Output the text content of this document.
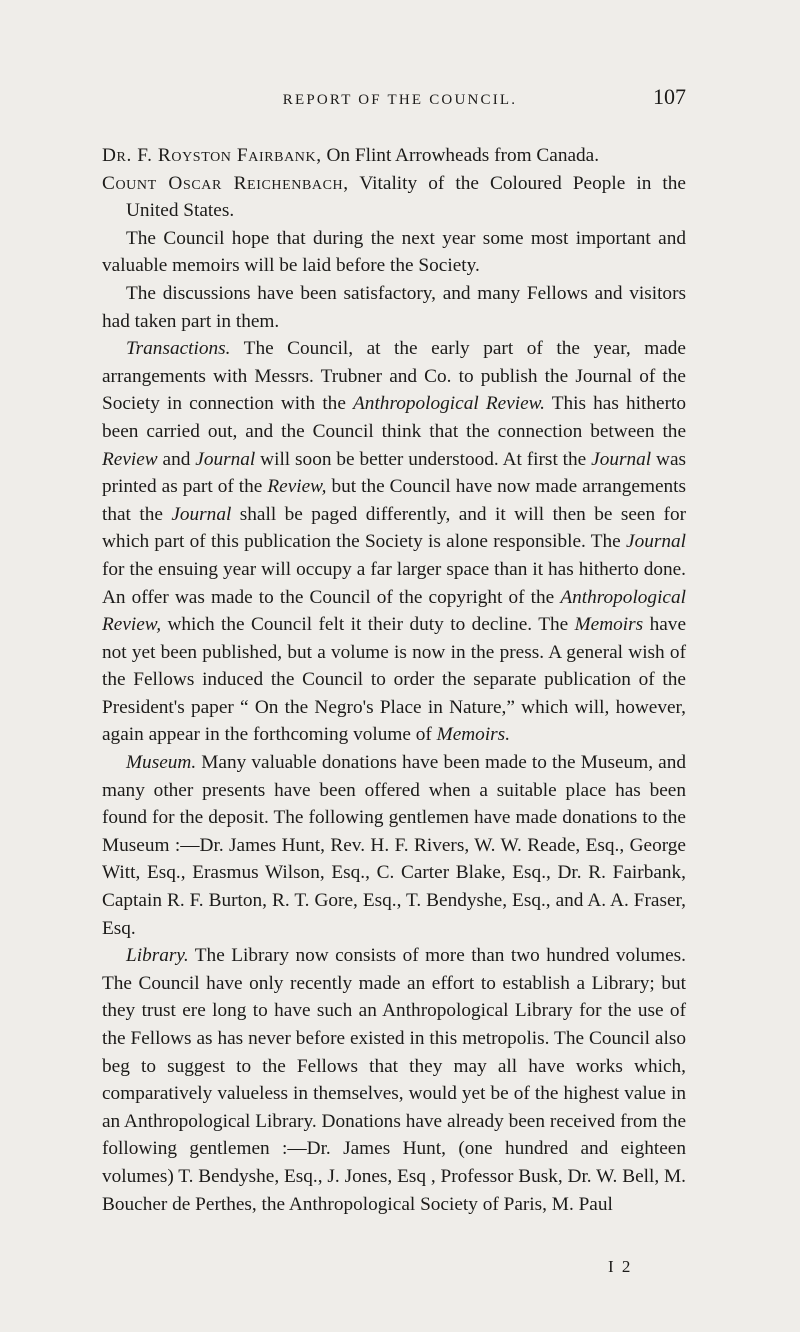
REPORT OF THE COUNCIL.	107

Dr. F. Royston Fairbank, On Flint Arrowheads from Canada.

Count Oscar Reichenbach, Vitality of the Coloured People in the United States.

The Council hope that during the next year some most important and valuable memoirs will be laid before the Society.

The discussions have been satisfactory, and many Fellows and visitors had taken part in them.

Transactions. The Council, at the early part of the year, made arrangements with Messrs. Trubner and Co. to publish the Journal of the Society in connection with the Anthropological Review. This has hitherto been carried out, and the Council think that the connection between the Review and Journal will soon be better understood. At first the Journal was printed as part of the Review, but the Council have now made arrangements that the Journal shall be paged differently, and it will then be seen for which part of this publication the Society is alone responsible. The Journal for the ensuing year will occupy a far larger space than it has hitherto done. An offer was made to the Council of the copyright of the Anthropological Review, which the Council felt it their duty to decline. The Memoirs have not yet been published, but a volume is now in the press. A general wish of the Fellows induced the Council to order the separate publication of the President's paper “ On the Negro's Place in Nature,” which will, however, again appear in the forthcoming volume of Memoirs.

Museum. Many valuable donations have been made to the Museum, and many other presents have been offered when a suitable place has been found for the deposit. The following gentlemen have made donations to the Museum :—Dr. James Hunt, Rev. H. F. Rivers, W. W. Reade, Esq., George Witt, Esq., Erasmus Wilson, Esq., C. Carter Blake, Esq., Dr. R. Fairbank, Captain R. F. Burton, R. T. Gore, Esq., T. Bendyshe, Esq., and A. A. Fraser, Esq.

Library. The Library now consists of more than two hundred volumes. The Council have only recently made an effort to establish a Library; but they trust ere long to have such an Anthropological Library for the use of the Fellows as has never before existed in this metropolis. The Council also beg to suggest to the Fellows that they may all have works which, comparatively valueless in themselves, would yet be of the highest value in an Anthropological Library. Donations have already been received from the following gentlemen :—Dr. James Hunt, (one hundred and eighteen volumes) T. Bendyshe, Esq., J. Jones, Esq , Professor Busk, Dr. W. Bell, M. Boucher de Perthes, the Anthropological Society of Paris, M. Paul

I 2
